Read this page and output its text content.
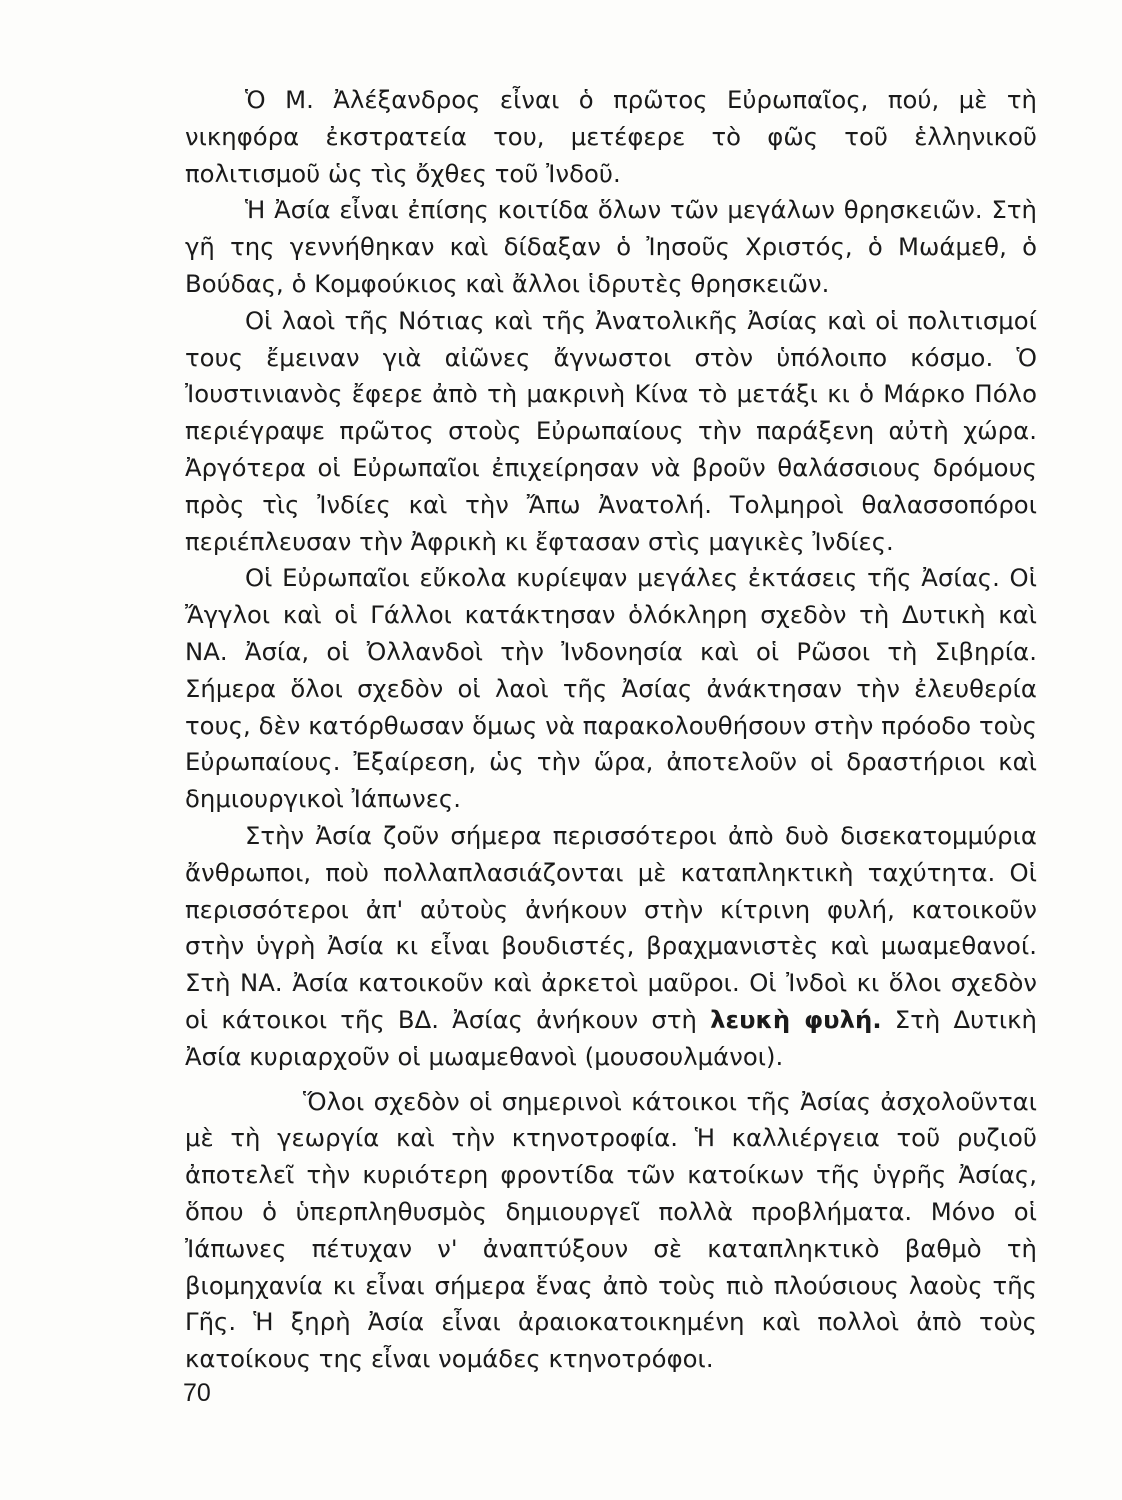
Ὁ Μ. Ἀλέξανδρος εἶναι ὁ πρῶτος Εὐρωπαῖος, πού, μὲ τὴ νικηφόρα ἐκστρατεία του, μετέφερε τὸ φῶς τοῦ ἑλληνικοῦ πολιτισμοῦ ὡς τὶς ὄχθες τοῦ Ἰνδοῦ.

Ἡ Ἀσία εἶναι ἐπίσης κοιτίδα ὅλων τῶν μεγάλων θρησκειῶν. Στὴ γῆ της γεννήθηκαν καὶ δίδαξαν ὁ Ἰησοῦς Χριστός, ὁ Μωάμεθ, ὁ Βούδας, ὁ Κομφούκιος καὶ ἄλλοι ἱδρυτὲς θρησκειῶν.

Οἱ λαοὶ τῆς Νότιας καὶ τῆς Ἀνατολικῆς Ἀσίας καὶ οἱ πολιτισμοί τους ἔμειναν γιὰ αἰῶνες ἄγνωστοι στὸν ὑπόλοιπο κόσμο. Ὁ Ἰουστινιανὸς ἔφερε ἀπὸ τὴ μακρινὴ Κίνα τὸ μετάξι κι ὁ Μάρκο Πόλο περιέγραψε πρῶτος στοὺς Εὐρωπαίους τὴν παράξενη αὐτὴ χώρα. Ἀργότερα οἱ Εὐρωπαῖοι ἐπιχείρησαν νὰ βροῦν θαλάσσιους δρόμους πρὸς τὶς Ἰνδίες καὶ τὴν Ἄπω Ἀνατολή. Τολμηροὶ θαλασσοπόροι περιέπλευσαν τὴν Ἀφρικὴ κι ἔφτασαν στὶς μαγικὲς Ἰνδίες.

Οἱ Εὐρωπαῖοι εὔκολα κυρίεψαν μεγάλες ἐκτάσεις τῆς Ἀσίας. Οἱ Ἄγγλοι καὶ οἱ Γάλλοι κατάκτησαν ὁλόκληρη σχεδὸν τὴ Δυτικὴ καὶ ΝΑ. Ἀσία, οἱ Ὀλλανδοὶ τὴν Ἰνδονησία καὶ οἱ Ρῶσοι τὴ Σιβηρία. Σήμερα ὅλοι σχεδὸν οἱ λαοὶ τῆς Ἀσίας ἀνάκτησαν τὴν ἐλευθερία τους, δὲν κατόρθωσαν ὅμως νὰ παρακολουθήσουν στὴν πρόοδο τοὺς Εὐρωπαίους. Ἐξαίρεση, ὡς τὴν ὥρα, ἀποτελοῦν οἱ δραστήριοι καὶ δημιουργικοὶ Ἰάπωνες.

Στὴν Ἀσία ζοῦν σήμερα περισσότεροι ἀπὸ δυὸ δισεκατομμύρια ἄνθρωποι, ποὺ πολλαπλασιάζονται μὲ καταπληκτικὴ ταχύτητα. Οἱ περισσότεροι ἀπ' αὐτοὺς ἀνήκουν στὴν κίτρινη φυλή, κατοικοῦν στὴν ὑγρὴ Ἀσία κι εἶναι βουδιστές, βραχμανιστὲς καὶ μωαμεθανοί. Στὴ ΝΑ. Ἀσία κατοικοῦν καὶ ἀρκετοὶ μαῦροι. Οἱ Ἰνδοὶ κι ὅλοι σχεδὸν οἱ κάτοικοι τῆς ΒΔ. Ἀσίας ἀνήκουν στὴ λευκὴ φυλή. Στὴ Δυτικὴ Ἀσία κυριαρχοῦν οἱ μωαμεθανοὶ (μουσουλμάνοι).

Ὅλοι σχεδὸν οἱ σημερινοὶ κάτοικοι τῆς Ἀσίας ἀσχολοῦνται μὲ τὴ γεωργία καὶ τὴν κτηνοτροφία. Ἡ καλλιέργεια τοῦ ρυζιοῦ ἀποτελεῖ τὴν κυριότερη φροντίδα τῶν κατοίκων τῆς ὑγρῆς Ἀσίας, ὅπου ὁ ὑπερπληθυσμὸς δημιουργεῖ πολλὰ προβλήματα. Μόνο οἱ Ἰάπωνες πέτυχαν ν' ἀναπτύξουν σὲ καταπληκτικὸ βαθμὸ τὴ βιομηχανία κι εἶναι σήμερα ἕνας ἀπὸ τοὺς πιὸ πλούσιους λαοὺς τῆς Γῆς. Ἡ ξηρὴ Ἀσία εἶναι ἀραιοκατοικημένη καὶ πολλοὶ ἀπὸ τοὺς κατοίκους της εἶναι νομάδες κτηνοτρόφοι.

70
